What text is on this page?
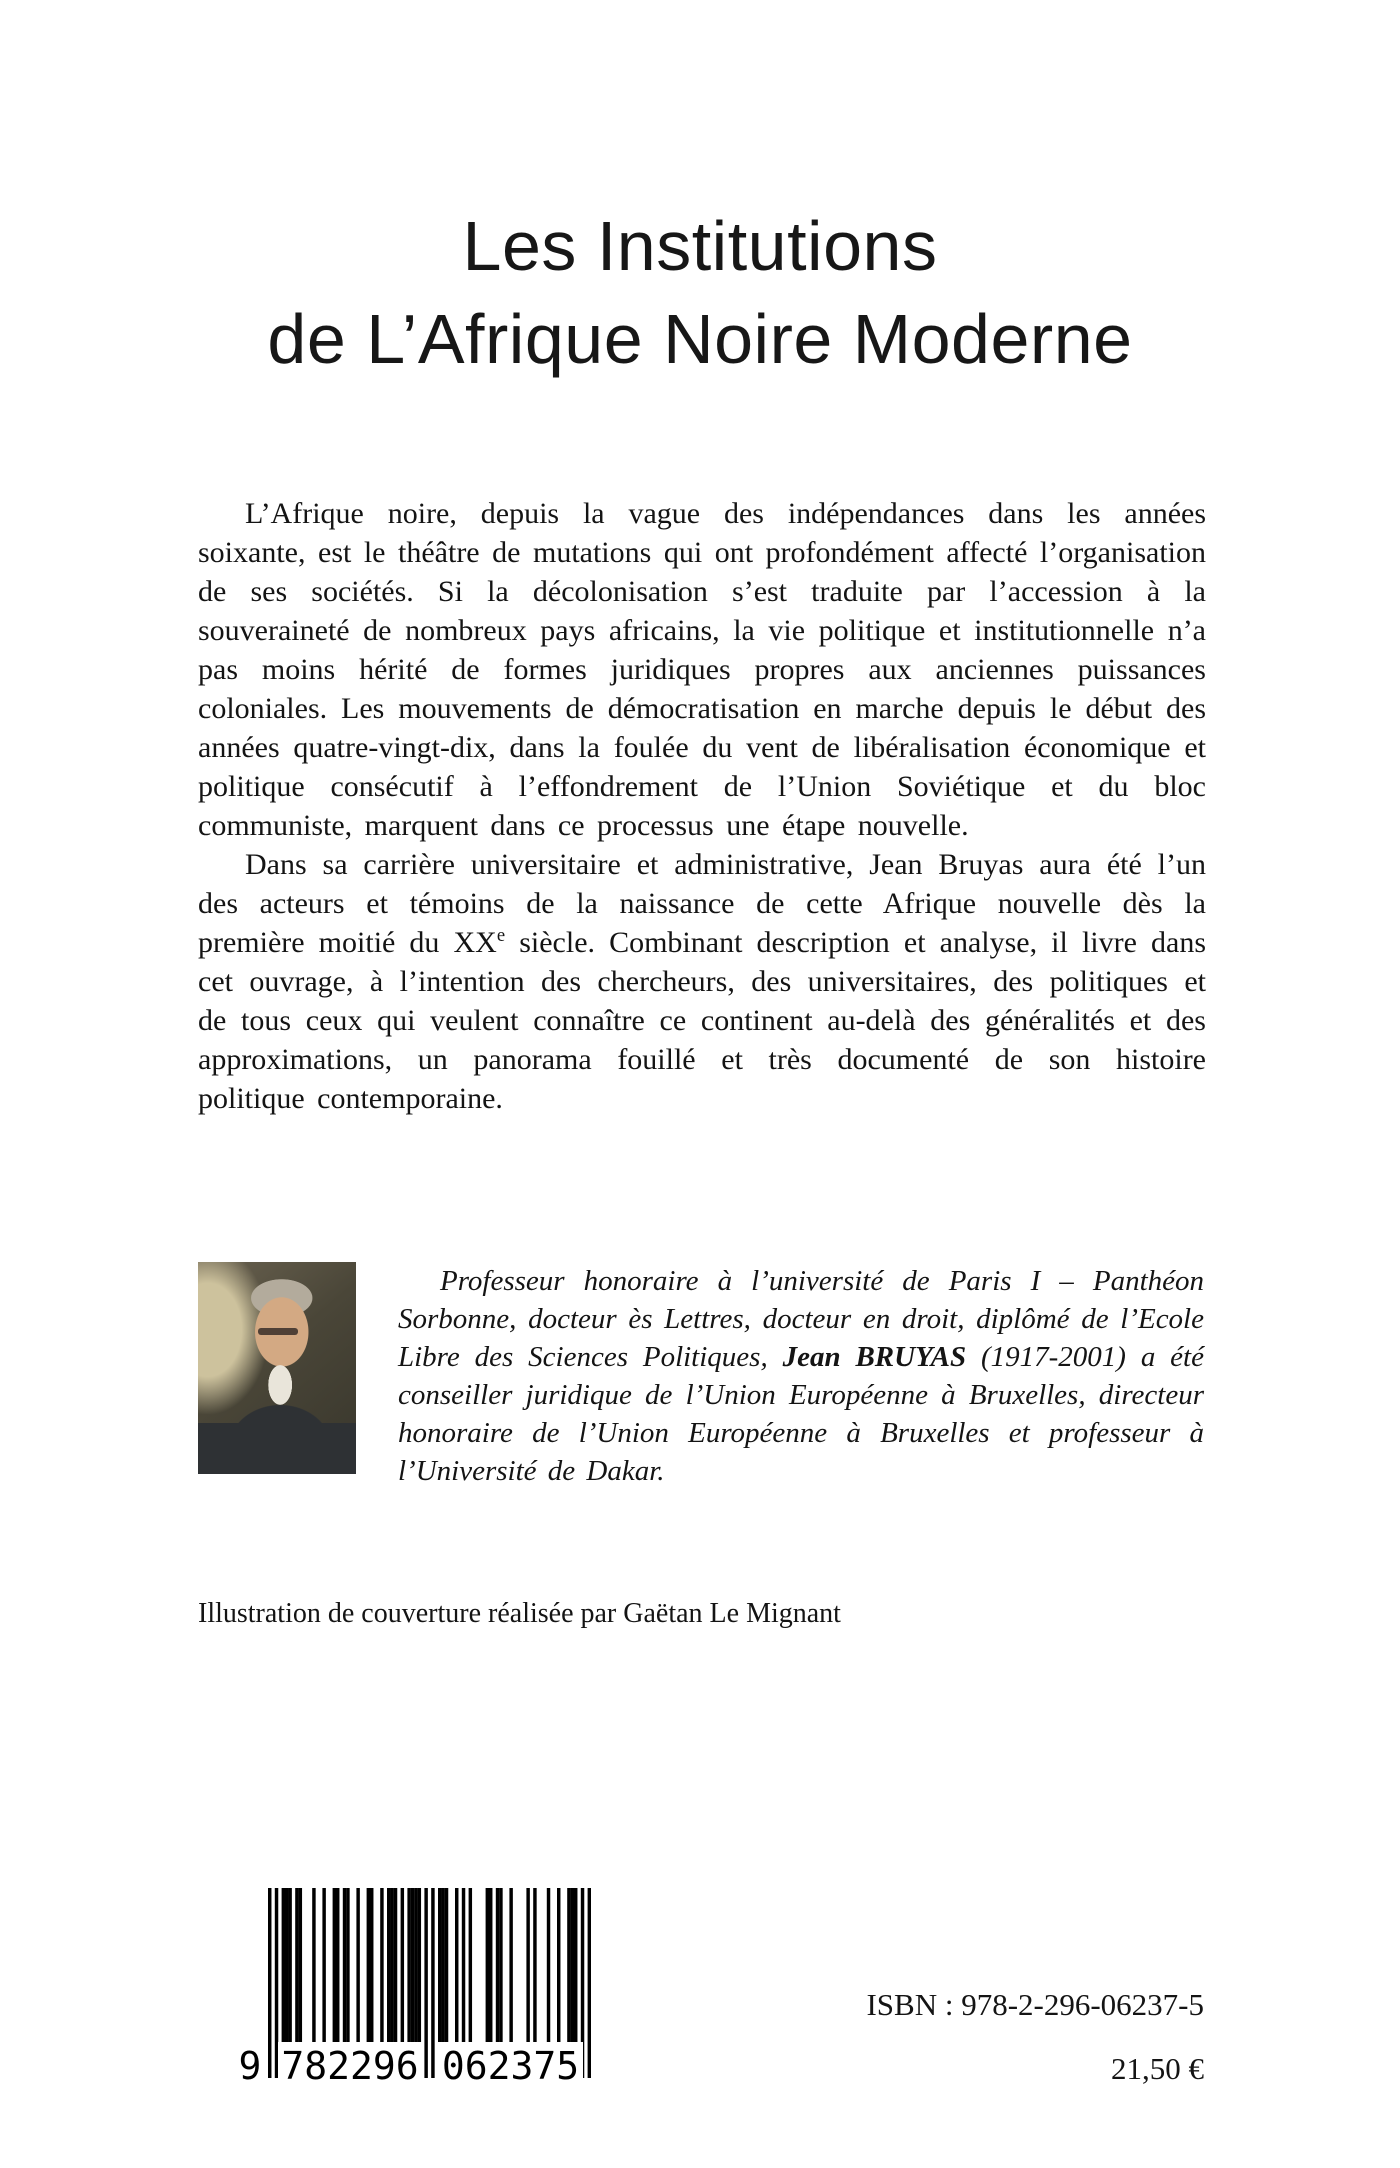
Les Institutions
de L’Afrique Noire Moderne

L’Afrique noire, depuis la vague des indépendances dans les années soixante, est le théâtre de mutations qui ont profondément affecté l’organisation de ses sociétés. Si la décolonisation s’est traduite par l’accession à la souveraineté de nombreux pays africains, la vie politique et institutionnelle n’a pas moins hérité de formes juridiques propres aux anciennes puissances coloniales. Les mouvements de démocratisation en marche depuis le début des années quatre-vingt-dix, dans la foulée du vent de libéralisation économique et politique consécutif à l’effondrement de l’Union Soviétique et du bloc communiste, marquent dans ce processus une étape nouvelle.

Dans sa carrière universitaire et administrative, Jean Bruyas aura été l’un des acteurs et témoins de la naissance de cette Afrique nouvelle dès la première moitié du XXe siècle. Combinant description et analyse, il livre dans cet ouvrage, à l’intention des chercheurs, des universitaires, des politiques et de tous ceux qui veulent connaître ce continent au-delà des généralités et des approximations, un panorama fouillé et très documenté de son histoire politique contemporaine.

Professeur honoraire à l’université de Paris I – Panthéon Sorbonne, docteur ès Lettres, docteur en droit, diplômé de l’Ecole Libre des Sciences Politiques, Jean BRUYAS (1917-2001) a été conseiller juridique de l’Union Européenne à Bruxelles, directeur honoraire de l’Union Européenne à Bruxelles et professeur à l’Université de Dakar.

Illustration de couverture réalisée par Gaëtan Le Mignant
9 782296 062375
ISBN : 978-2-296-06237-5
21,50 €
